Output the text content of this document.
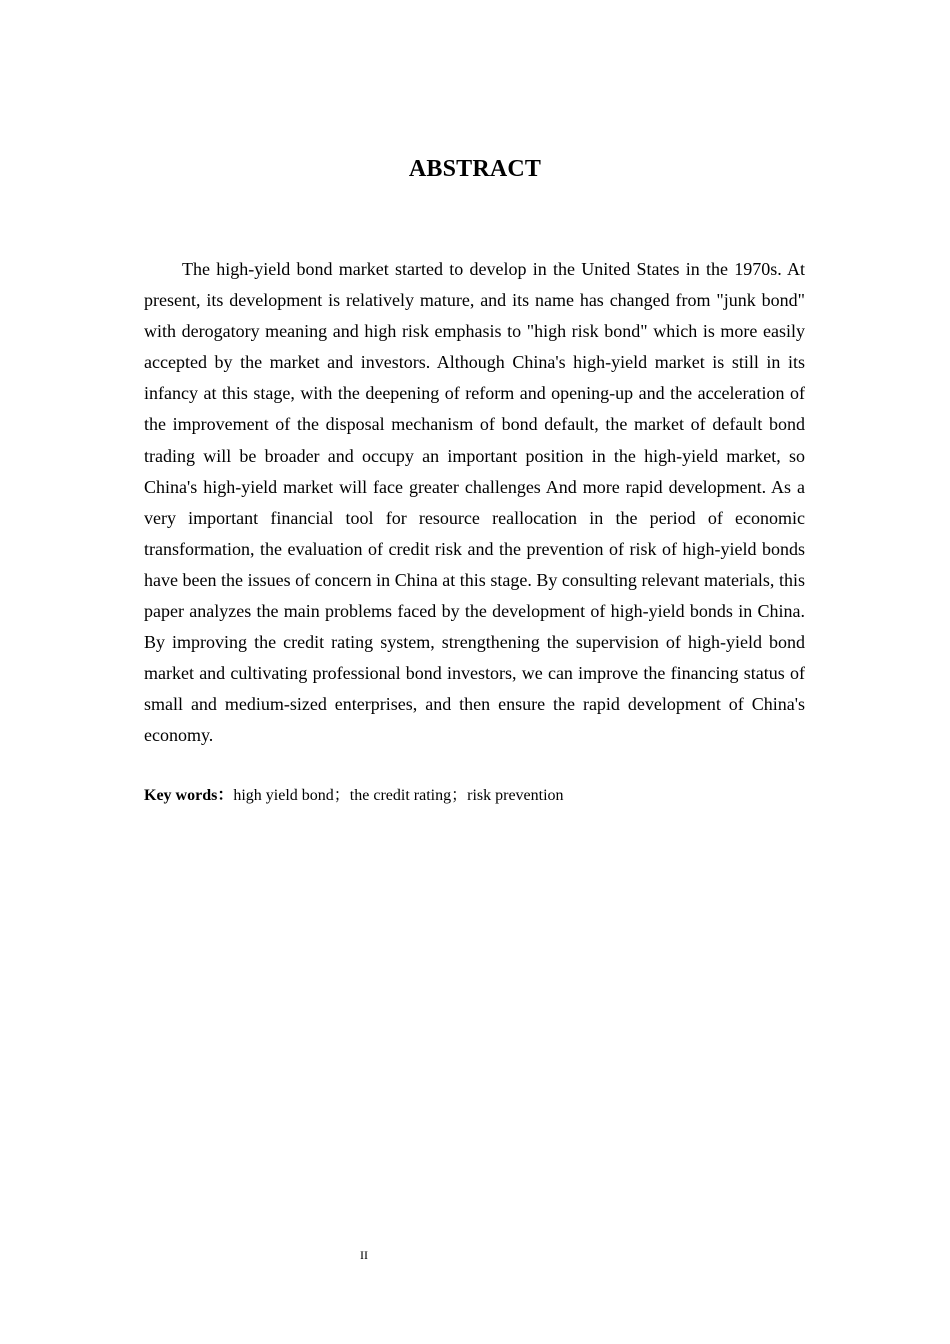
ABSTRACT

The high-yield bond market started to develop in the United States in the 1970s. At present, its development is relatively mature, and its name has changed from "junk bond" with derogatory meaning and high risk emphasis to "high risk bond" which is more easily accepted by the market and investors. Although China's high-yield market is still in its infancy at this stage, with the deepening of reform and opening-up and the acceleration of the improvement of the disposal mechanism of bond default, the market of default bond trading will be broader and occupy an important position in the high-yield market, so China's high-yield market will face greater challenges And more rapid development. As a very important financial tool for resource reallocation in the period of economic transformation, the evaluation of credit risk and the prevention of risk of high-yield bonds have been the issues of concern in China at this stage. By consulting relevant materials, this paper analyzes the main problems faced by the development of high-yield bonds in China. By improving the credit rating system, strengthening the supervision of high-yield bond market and cultivating professional bond investors, we can improve the financing status of small and medium-sized enterprises, and then ensure the rapid development of China's economy.

Key words：high yield bond；the credit rating；risk prevention
II
